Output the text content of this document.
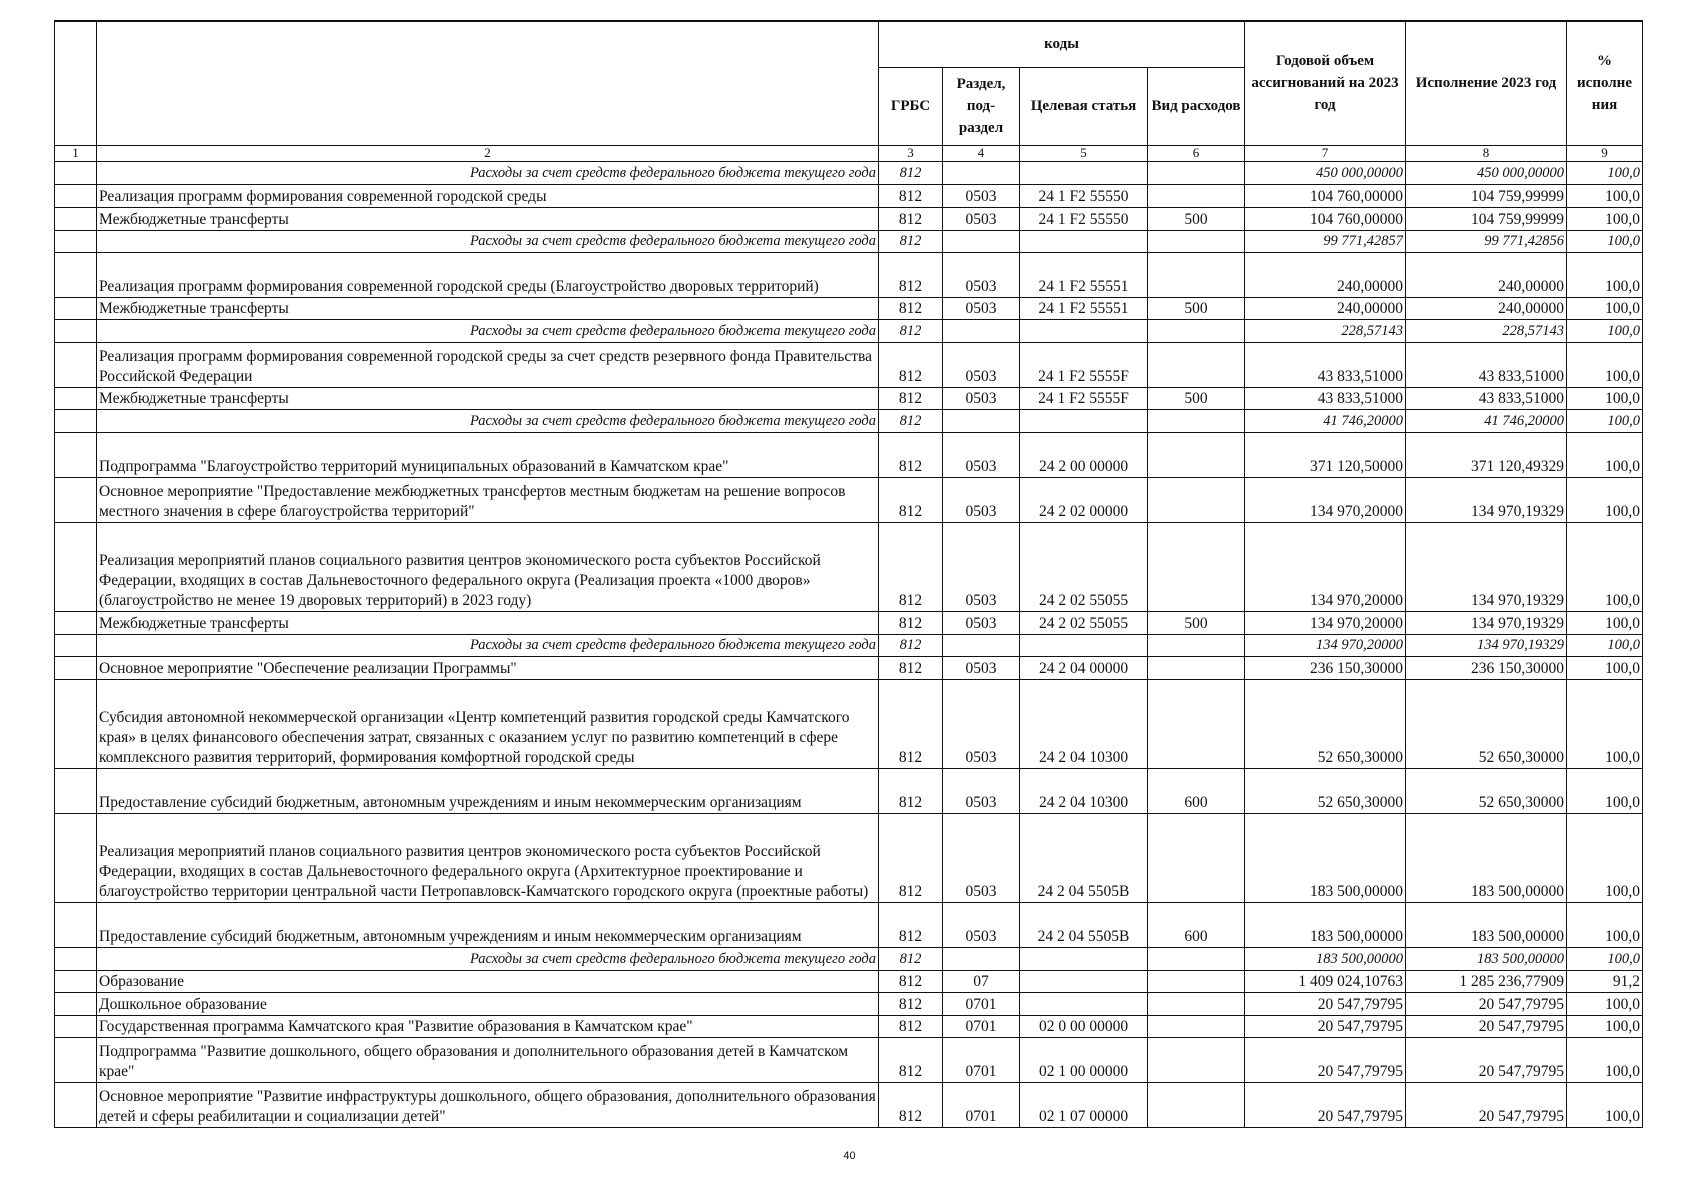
		коды				Годовой объем ассигнований на 2023 год	Исполнение 2023 год	% исполне ния
		ГРБС	Раздел, под-раздел	Целевая статья	Вид расходов			
1	2	3	4	5	6	7	8	9
	Расходы за счет средств федерального бюджета текущего года	812				450 000,00000	450 000,00000	100,0
	Реализация программ формирования современной городской среды	812	0503	24 1 F2 55550		104 760,00000	104 759,99999	100,0
	Межбюджетные трансферты	812	0503	24 1 F2 55550	500	104 760,00000	104 759,99999	100,0
	Расходы за счет средств федерального бюджета текущего года	812				99 771,42857	99 771,42856	100,0
	Реализация программ формирования современной городской среды (Благоустройство дворовых территорий)	812	0503	24 1 F2 55551		240,00000	240,00000	100,0
	Межбюджетные трансферты	812	0503	24 1 F2 55551	500	240,00000	240,00000	100,0
	Расходы за счет средств федерального бюджета текущего года	812				228,57143	228,57143	100,0
	Реализация программ формирования современной городской среды за счет средств резервного фонда Правительства Российской Федерации	812	0503	24 1 F2 5555F		43 833,51000	43 833,51000	100,0
	Межбюджетные трансферты	812	0503	24 1 F2 5555F	500	43 833,51000	43 833,51000	100,0
	Расходы за счет средств федерального бюджета текущего года	812				41 746,20000	41 746,20000	100,0
	Подпрограмма "Благоустройство территорий муниципальных образований в Камчатском крае"	812	0503	24 2 00 00000		371 120,50000	371 120,49329	100,0
	Основное мероприятие "Предоставление межбюджетных трансфертов местным бюджетам на решение вопросов местного значения в сфере благоустройства территорий"	812	0503	24 2 02 00000		134 970,20000	134 970,19329	100,0
	Реализация мероприятий планов социального развития центров экономического роста субъектов Российской Федерации, входящих в состав Дальневосточного федерального округа (Реализация проекта «1000 дворов» (благоустройство не менее 19 дворовых территорий) в 2023 году)	812	0503	24 2 02 55055		134 970,20000	134 970,19329	100,0
	Межбюджетные трансферты	812	0503	24 2 02 55055	500	134 970,20000	134 970,19329	100,0
	Расходы за счет средств федерального бюджета текущего года	812				134 970,20000	134 970,19329	100,0
	Основное мероприятие "Обеспечение реализации Программы"	812	0503	24 2 04 00000		236 150,30000	236 150,30000	100,0
	Субсидия автономной некоммерческой организации «Центр компетенций развития городской среды Камчатского края» в целях финансового обеспечения затрат, связанных с оказанием услуг по развитию компетенций в сфере комплексного развития территорий, формирования комфортной городской среды	812	0503	24 2 04 10300		52 650,30000	52 650,30000	100,0
	Предоставление субсидий бюджетным, автономным учреждениям и иным некоммерческим организациям	812	0503	24 2 04 10300	600	52 650,30000	52 650,30000	100,0
	Реализация мероприятий планов социального развития центров экономического роста субъектов Российской Федерации, входящих в состав Дальневосточного федерального округа (Архитектурное проектирование и благоустройство территории центральной части Петропавловск-Камчатского городского округа (проектные работы)	812	0503	24 2 04 5505B		183 500,00000	183 500,00000	100,0
	Предоставление субсидий бюджетным, автономным учреждениям и иным некоммерческим организациям	812	0503	24 2 04 5505B	600	183 500,00000	183 500,00000	100,0
	Расходы за счет средств федерального бюджета текущего года	812				183 500,00000	183 500,00000	100,0
	Образование	812	07			1 409 024,10763	1 285 236,77909	91,2
	Дошкольное образование	812	0701			20 547,79795	20 547,79795	100,0
	Государственная программа Камчатского края "Развитие образования в Камчатском крае"	812	0701	02 0 00 00000		20 547,79795	20 547,79795	100,0
	Подпрограмма "Развитие дошкольного, общего образования и дополнительного образования детей в Камчатском крае"	812	0701	02 1 00 00000		20 547,79795	20 547,79795	100,0
	Основное мероприятие "Развитие инфраструктуры дошкольного, общего образования, дополнительного образования детей и сферы реабилитации и социализации детей"	812	0701	02 1 07 00000		20 547,79795	20 547,79795	100,0
40
